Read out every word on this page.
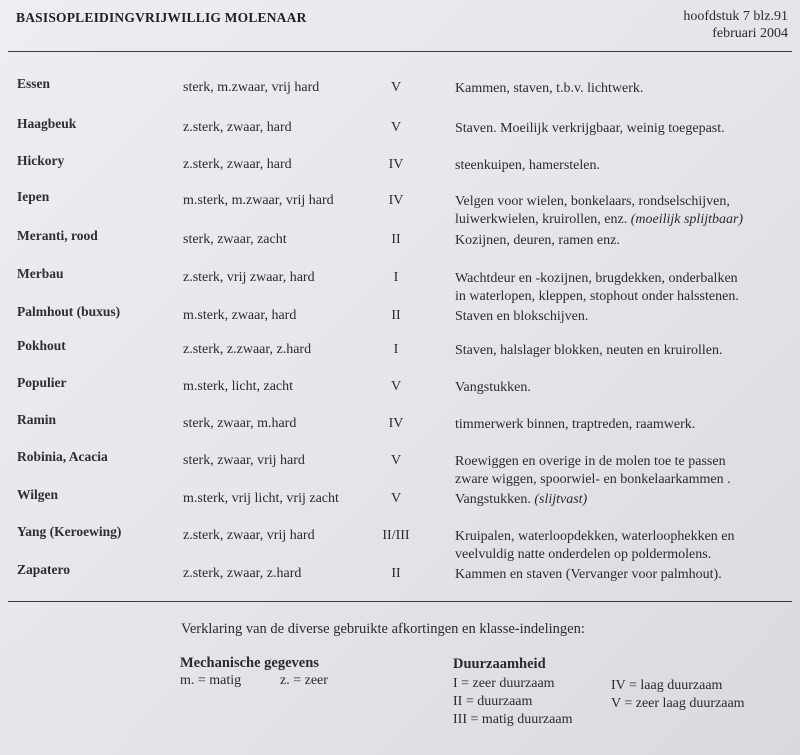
BASISOPLEIDINGVRIJWILLIG MOLENAAR	hoofdstuk 7 blz.91
februari 2004
Essen	sterk, m.zwaar, vrij hard	V	Kammen, staven, t.b.v. lichtwerk.
Haagbeuk	z.sterk, zwaar, hard	V	Staven. Moeilijk verkrijgbaar, weinig toegepast.
Hickory	z.sterk, zwaar, hard	IV	steenkuipen, hamerstelen.
Iepen	m.sterk, m.zwaar, vrij hard	IV	Velgen voor wielen, bonkelaars, rondselschijven,
luiwerkwielen, kruirollen, enz. (moeilijk splijtbaar)
Meranti, rood	sterk, zwaar, zacht	II	Kozijnen, deuren, ramen enz.
Merbau	z.sterk, vrij zwaar, hard	I	Wachtdeur en -kozijnen, brugdekken, onderbalken
in waterlopen, kleppen, stophout onder halsstenen.
Palmhout (buxus)	m.sterk, zwaar, hard	II	Staven en blokschijven.
Pokhout	z.sterk, z.zwaar, z.hard	I	Staven, halslager blokken, neuten en kruirollen.
Populier	m.sterk, licht, zacht	V	Vangstukken.
Ramin	sterk, zwaar, m.hard	IV	timmerwerk binnen, traptreden, raamwerk.
Robinia, Acacia	sterk, zwaar, vrij hard	V	Roewiggen en overige in de molen toe te passen
zware wiggen, spoorwiel- en bonkelaarkammen .
Wilgen	m.sterk, vrij licht, vrij zacht	V	Vangstukken. (slijtvast)
Yang (Keroewing)	z.sterk, zwaar, vrij hard	II/III	Kruipalen, waterloopdekken, waterloophekken en
veelvuldig natte onderdelen op poldermolens.
Zapatero	z.sterk, zwaar, z.hard	II	Kammen en staven (Vervanger voor palmhout).
Verklaring van de diverse gebruikte afkortingen en klasse-indelingen:
Mechanische gegevens
m. = matig	z. = zeer
Duurzaamheid
I = zeer duurzaam
II = duurzaam
III = matig duurzaam
IV = laag duurzaam
V = zeer laag duurzaam
